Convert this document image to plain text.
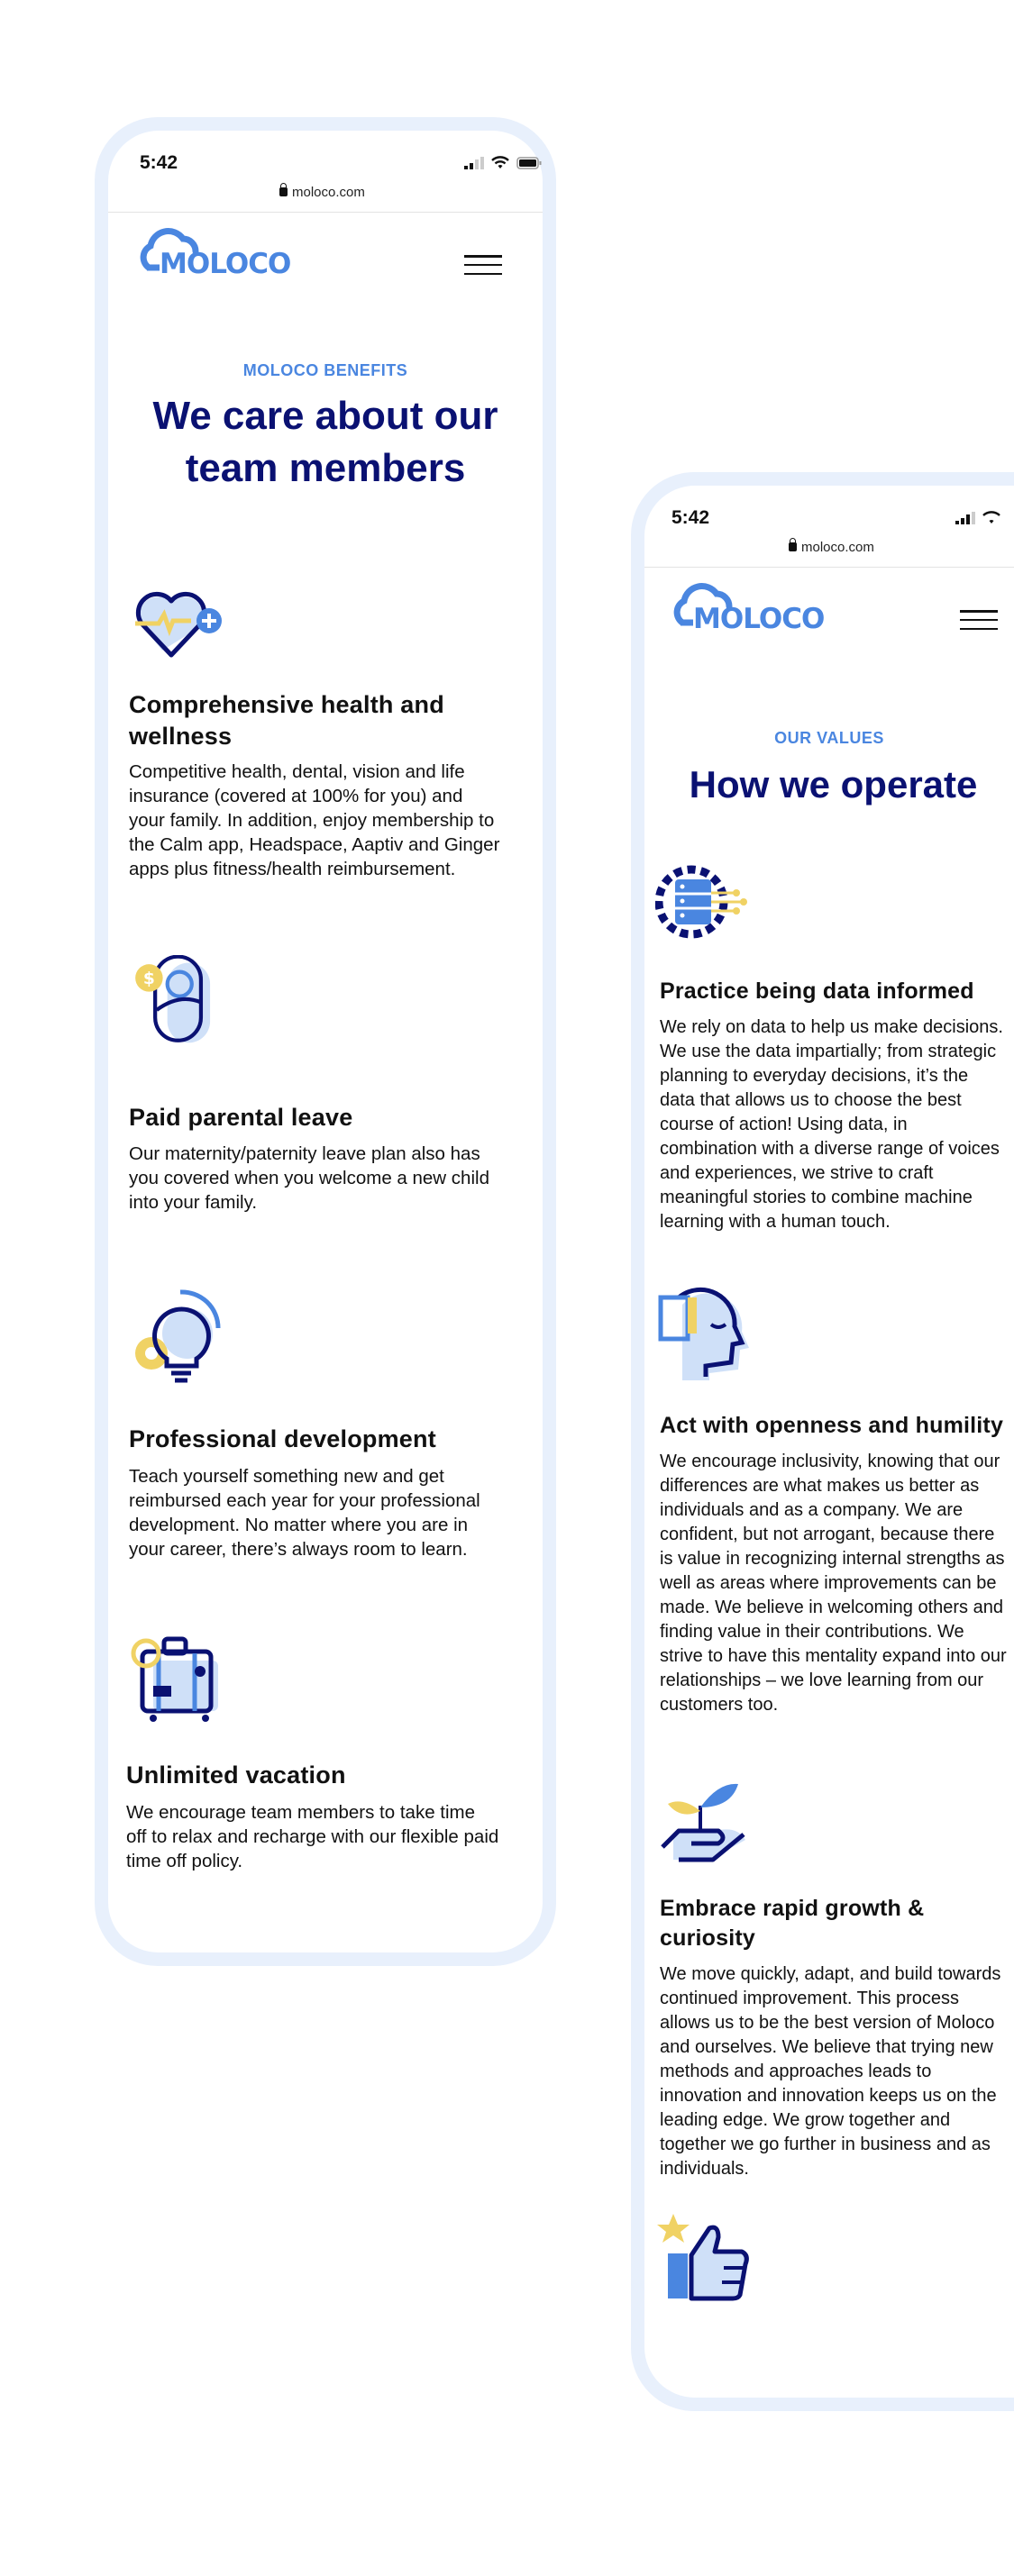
5:42
moloco.com
MOLOCO BENEFITS
We care about our
team members
Comprehensive health and
wellness
Competitive health, dental, vision and life
insurance (covered at 100% for you) and
your family. In addition, enjoy membership to
the Calm app, Headspace, Aaptiv and Ginger
apps plus fitness/health reimbursement.
$
Paid parental leave
Our maternity/paternity leave plan also has
you covered when you welcome a new child
into your family.
Professional development
Teach yourself something new and get
reimbursed each year for your professional
development. No matter where you are in
your career, there’s always room to learn.
Unlimited vacation
We encourage team members to take time
off to relax and recharge with our flexible paid
time off policy.
5:42
moloco.com
OUR VALUES
How we operate
Practice being data informed
We rely on data to help us make decisions.We use the data impartially; from strategicplanning to everyday decisions, it’s the data that allows us to choose the best course of action! Using data, in combination with a diverse range of voices and experiences, we strive to craft meaningful stories to combine machine learning with a human touch.
Act with openness and humility
We encourage inclusivity, knowing that ourdifferences are what makes us better asindividuals and as a company. We areconfident, but not arrogant, because there is value in recognizing internal strengths as well as areas where improvements can be made. We believe in welcoming others and finding value in their contributions. We strive to have this mentality expand into our relationships – we love learning from our customers too.
Embrace rapid growth &curiosity
We move quickly, adapt, and build towardscontinued improvement. This process allows us to be the best version of Moloco and ourselves. We believe that trying newmethods and approaches leads to innovation and innovation keeps us on the leading edge. We grow together and together we go further in business and as individuals.
